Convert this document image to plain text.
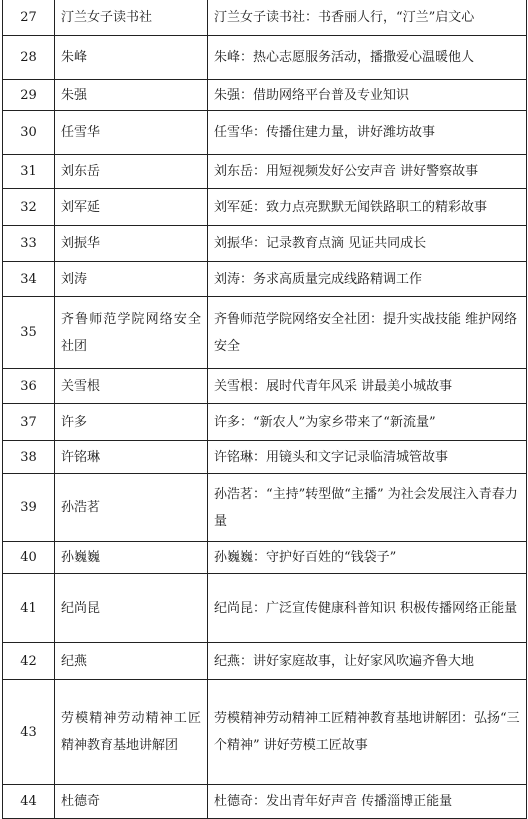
27	汀兰女子读书社	汀兰女子读书社：书香丽人行，“汀兰”启文心
28	朱峰	朱峰：热心志愿服务活动，播撒爱心温暖他人
29	朱强	朱强：借助网络平台普及专业知识
30	任雪华	任雪华：传播住建力量，讲好潍坊故事
31	刘东岳	刘东岳：用短视频发好公安声音 讲好警察故事
32	刘军延	刘军延：致力点亮默默无闻铁路职工的精彩故事
33	刘振华	刘振华：记录教育点滴 见证共同成长
34	刘涛	刘涛：务求高质量完成线路精调工作
35	齐鲁师范学院网络安全社团	齐鲁师范学院网络安全社团：提升实战技能 维护网络安全
36	关雪根	关雪根：展时代青年风采 讲最美小城故事
37	许多	许多：“新农人”为家乡带来了“新流量”
38	许铭琳	许铭琳：用镜头和文字记录临清城管故事
39	孙浩茗	孙浩茗：“主持”转型做“主播” 为社会发展注入青春力量
40	孙巍巍	孙巍巍：守护好百姓的“钱袋子”
41	纪尚昆	纪尚昆：广泛宣传健康科普知识 积极传播网络正能量
42	纪燕	纪燕：讲好家庭故事，让好家风吹遍齐鲁大地
43	劳模精神劳动精神工匠精神教育基地讲解团	劳模精神劳动精神工匠精神教育基地讲解团：弘扬“三个精神” 讲好劳模工匠故事
44	杜德奇	杜德奇：发出青年好声音 传播淄博正能量
